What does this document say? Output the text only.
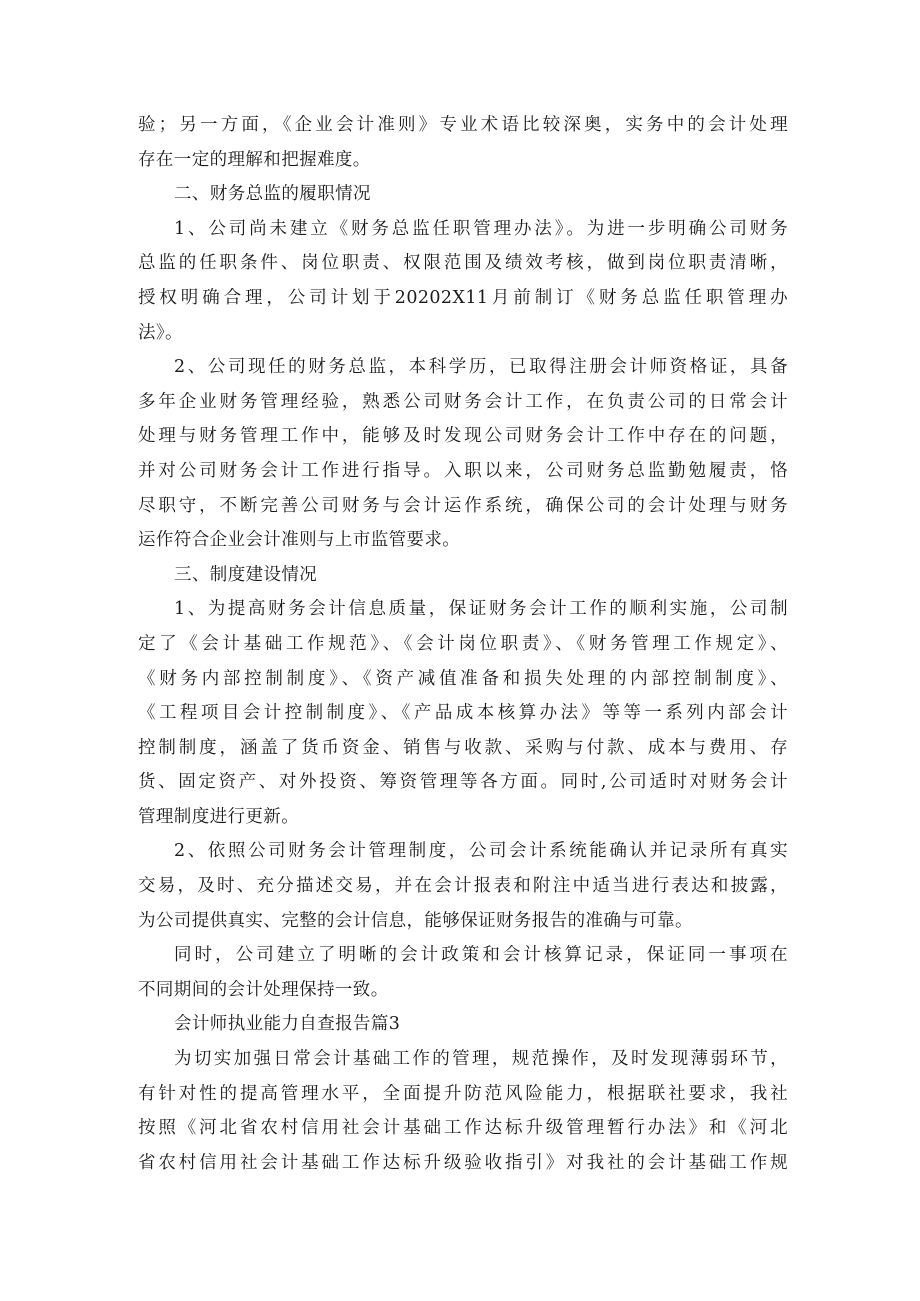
验；另一方面，《企业会计准则》专业术语比较深奥，实务中的会计处理
存在一定的理解和把握难度。
二、财务总监的履职情况
1、公司尚未建立《财务总监任职管理办法》。为进一步明确公司财务
总监的任职条件、岗位职责、权限范围及绩效考核，做到岗位职责清晰，
授权明确合理，公司计划于20202X11月前制订《财务总监任职管理办
法》。
2、公司现任的财务总监，本科学历，已取得注册会计师资格证，具备
多年企业财务管理经验，熟悉公司财务会计工作，在负责公司的日常会计
处理与财务管理工作中，能够及时发现公司财务会计工作中存在的问题，
并对公司财务会计工作进行指导。入职以来，公司财务总监勤勉履责，恪
尽职守，不断完善公司财务与会计运作系统，确保公司的会计处理与财务
运作符合企业会计准则与上市监管要求。
三、制度建设情况
1、为提高财务会计信息质量，保证财务会计工作的顺利实施，公司制
定了《会计基础工作规范》、《会计岗位职责》、《财务管理工作规定》、
《财务内部控制制度》、《资产减值准备和损失处理的内部控制制度》、
《工程项目会计控制制度》、《产品成本核算办法》等等一系列内部会计
控制制度，涵盖了货币资金、销售与收款、采购与付款、成本与费用、存
货、固定资产、对外投资、筹资管理等各方面。同时,公司适时对财务会计
管理制度进行更新。
2、依照公司财务会计管理制度，公司会计系统能确认并记录所有真实
交易，及时、充分描述交易，并在会计报表和附注中适当进行表达和披露，
为公司提供真实、完整的会计信息，能够保证财务报告的准确与可靠。
同时，公司建立了明晰的会计政策和会计核算记录，保证同一事项在
不同期间的会计处理保持一致。
会计师执业能力自查报告篇3
为切实加强日常会计基础工作的管理，规范操作，及时发现薄弱环节，
有针对性的提高管理水平，全面提升防范风险能力，根据联社要求，我社
按照《河北省农村信用社会计基础工作达标升级管理暂行办法》和《河北
省农村信用社会计基础工作达标升级验收指引》对我社的会计基础工作规
